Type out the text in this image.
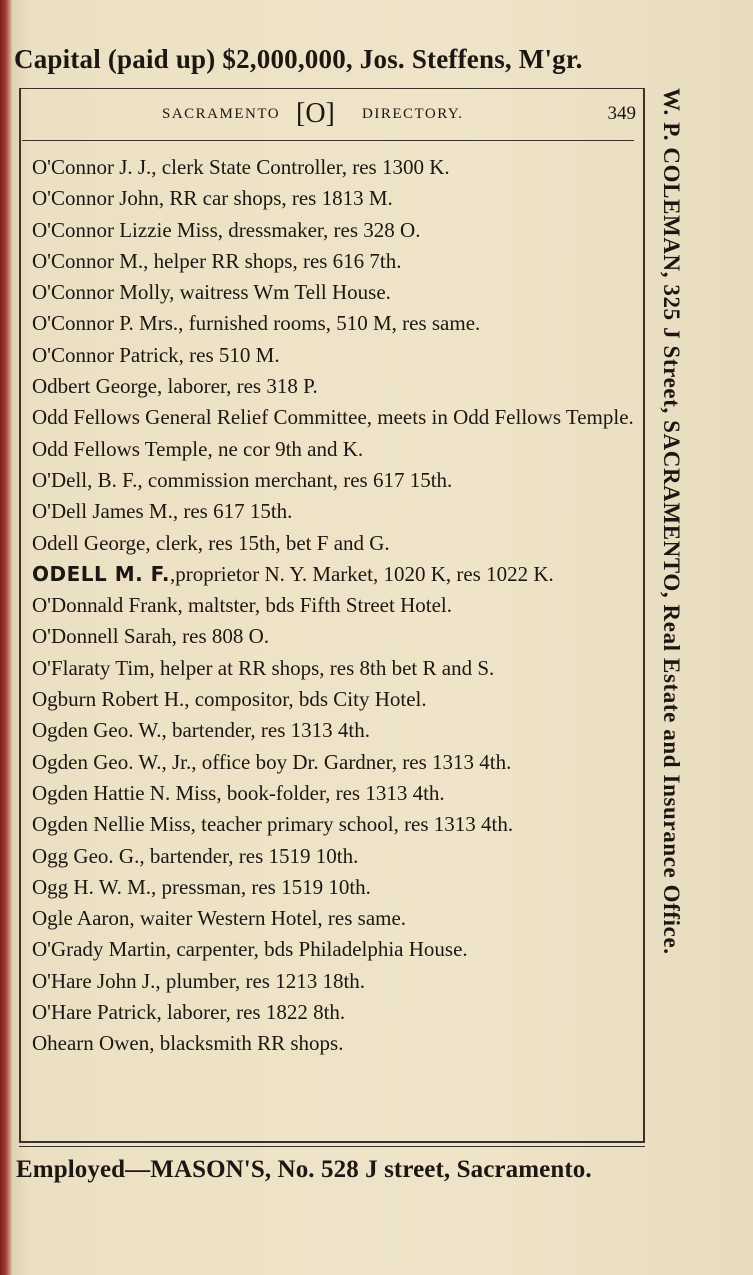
Capital (paid up) $2,000,000, Jos. Steffens, M'gr.
SACRAMENTO [O] DIRECTORY.	349
O'Connor J. J., clerk State Controller, res 1300 K.
O'Connor John, RR car shops, res 1813 M.
O'Connor Lizzie Miss, dressmaker, res 328 O.
O'Connor M., helper RR shops, res 616 7th.
O'Connor Molly, waitress Wm Tell House.
O'Connor P. Mrs., furnished rooms, 510 M, res same.
O'Connor Patrick, res 510 M.
Odbert George, laborer, res 318 P.
Odd Fellows General Relief Committee, meets in Odd Fellows Temple.
Odd Fellows Temple, ne cor 9th and K.
O'Dell, B. F., commission merchant, res 617 15th.
O'Dell James M., res 617 15th.
Odell George, clerk, res 15th, bet F and G.
ODELL M. F.,proprietor N. Y. Market, 1020 K, res 1022 K.
O'Donnald Frank, maltster, bds Fifth Street Hotel.
O'Donnell Sarah, res 808 O.
O'Flaraty Tim, helper at RR shops, res 8th bet R and S.
Ogburn Robert H., compositor, bds City Hotel.
Ogden Geo. W., bartender, res 1313 4th.
Ogden Geo. W., Jr., office boy Dr. Gardner, res 1313 4th.
Ogden Hattie N. Miss, book-folder, res 1313 4th.
Ogden Nellie Miss, teacher primary school, res 1313 4th.
Ogg Geo. G., bartender, res 1519 10th.
Ogg H. W. M., pressman, res 1519 10th.
Ogle Aaron, waiter Western Hotel, res same.
O'Grady Martin, carpenter, bds Philadelphia House.
O'Hare John J., plumber, res 1213 18th.
O'Hare Patrick, laborer, res 1822 8th.
Ohearn Owen, blacksmith RR shops.
W. P. COLEMAN, 325 J Street, SACRAMENTO, Real Estate and Insurance Office.
Employed—MASON'S, No. 528 J street, Sacramento.
